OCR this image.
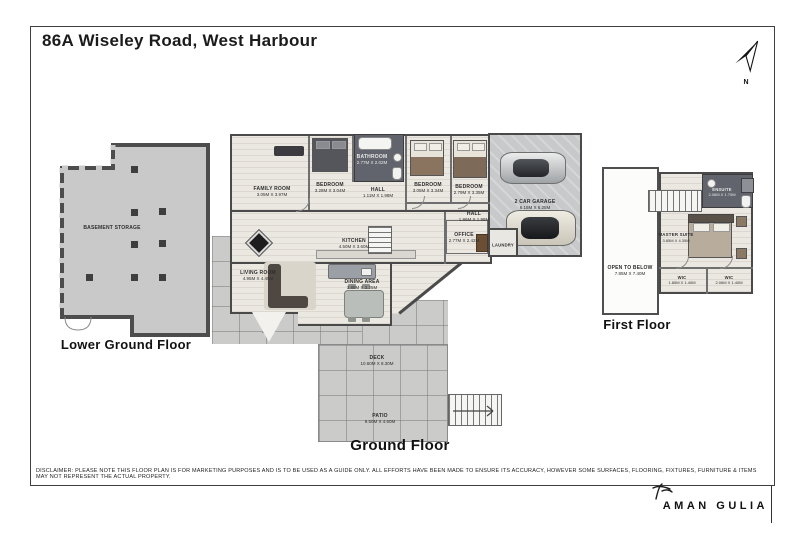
86A Wiseley Road, West Harbour
N
BASEMENT STORAGE
Lower Ground Floor
FAMILY ROOM
3.05M X 3.97M
BEDROOM
3.28M X 3.04M
BATHROOM
2.77M X 2.02M
HALL
1.11M X 1.98M
BEDROOM
3.05M X 3.34M
BEDROOM
2.79M X 3.35M
HALL
1.86M X 1.98M
OFFICE
2.77M X 2.42M
LAUNDRY
KITCHEN
4.50M X 3.60M
LIVING ROOM
4.95M X 4.45M
DINING AREA
3.85M X 3.25M
2 CAR GARAGE
6.15M X 6.25M
DECK
10.60M X 8.30M
PATIO
9.50M X 4.60M
Ground Floor
OPEN TO BELOW
7.85M X 7.40M
ENSUITE
2.06M X 1.70M
MASTER SUITE
3.85M X 4.35M
WIC
1.85M X 1.40M
WIC
2.06M X 1.40M
First Floor
DISCLAIMER: PLEASE NOTE THIS FLOOR PLAN IS FOR MARKETING PURPOSES AND IS TO BE USED AS A GUIDE ONLY. ALL EFFORTS HAVE BEEN MADE TO ENSURE ITS ACCURACY, HOWEVER SOME SURFACES, FLOORING, FIXTURES, FURNITURE & ITEMS MAY NOT REPRESENT THE ACTUAL PROPERTY.
AMAN GULIA
